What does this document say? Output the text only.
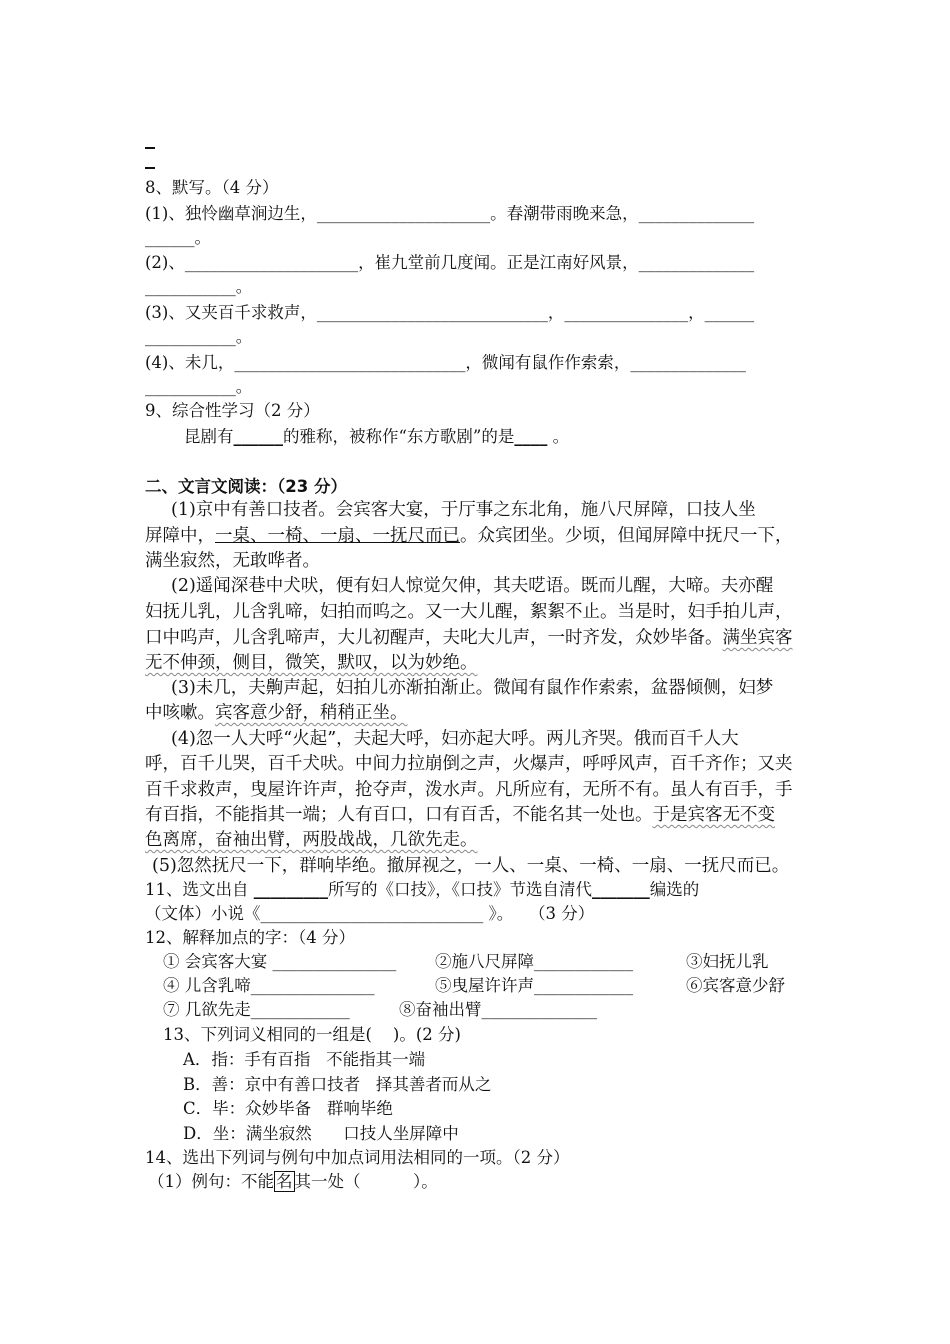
8、默写。（4 分）
(1)、独怜幽草涧边生，_____________________。春潮带雨晚来急，______________
______。
(2)、_____________________，崔九堂前几度闻。正是江南好风景，______________
___________。
(3)、又夹百千求救声，____________________________，_______________，______
___________。
(4)、未几，____________________________，微闻有鼠作作索索，______________
___________。
9、综合性学习（2 分）
昆剧有______的雅称，被称作“东方歌剧”的是____ 。
二、文言文阅读：（23 分）
(1)京中有善口技者。会宾客大宴，于厅事之东北角，施八尺屏障，口技人坐
屏障中，一桌、一椅、一扇、一抚尺而已。众宾团坐。少顷，但闻屏障中抚尺一下，
满坐寂然，无敢哗者。
(2)遥闻深巷中犬吠，便有妇人惊觉欠伸，其夫呓语。既而儿醒，大啼。夫亦醒
妇抚儿乳，儿含乳啼，妇拍而呜之。又一大儿醒，絮絮不止。当是时，妇手拍儿声，
口中呜声，儿含乳啼声，大儿初醒声，夫叱大儿声，一时齐发，众妙毕备。满坐宾客
无不伸颈，侧目，微笑，默叹，以为妙绝。
(3)未几，夫齁声起，妇拍儿亦渐拍渐止。微闻有鼠作作索索，盆器倾侧，妇梦
中咳嗽。宾客意少舒，稍稍正坐。
(4)忽一人大呼“火起”，夫起大呼，妇亦起大呼。两儿齐哭。俄而百千人大
呼，百千儿哭，百千犬吠。中间力拉崩倒之声，火爆声，呼呼风声，百千齐作；又夹
百千求救声，曳屋许许声，抢夺声，泼水声。凡所应有，无所不有。虽人有百手，手
有百指，不能指其一端；人有百口，口有百舌，不能名其一处也。于是宾客无不变
色离席，奋袖出臂，两股战战，几欲先走。
(5)忽然抚尺一下，群响毕绝。撤屏视之，一人、一桌、一椅、一扇、一抚尺而已。
11、选文出自 _________所写的《口技》，《口技》节选自清代_______编选的
（文体）小说《___________________________ 》。   （3 分）
12、解释加点的字：（4 分）
① 会宾客大宴 _______________ ②施八尺屏障____________	③妇抚儿乳
④ 儿含乳啼_______________	⑤曳屋许许声____________	⑥宾客意少舒
⑦ 几欲先走____________	⑧奋袖出臂______________
13、下列词义相同的一组是(    )。(2 分)
A．指：手有百指   不能指其一端
B．善：京中有善口技者   择其善者而从之
C．毕：众妙毕备   群响毕绝
D．坐：满坐寂然      口技人坐屏障中
14、选出下列词与例句中加点词用法相同的一项。（2 分）
（1）例句：不能 名 其一处（          ）。
